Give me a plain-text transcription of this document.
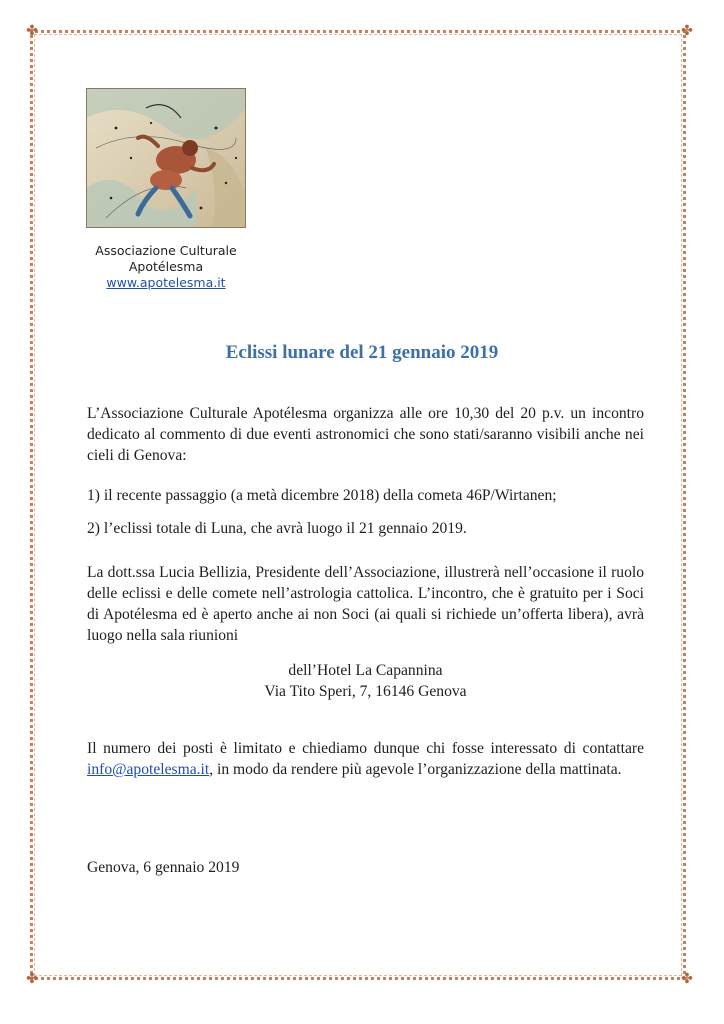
✤	✤
✤	✤
Associazione Culturale
Apotélesma
www.apotelesma.it
Eclissi lunare del 21 gennaio 2019
L’Associazione Culturale Apotélesma organizza alle ore 10,30 del 20 p.v. un incontro dedicato al commento di due eventi astronomici che sono stati/saranno visibili anche nei cieli di Genova:
1) il recente passaggio (a metà dicembre 2018) della cometa 46P/Wirtanen;
2) l’eclissi totale di Luna, che avrà luogo il 21 gennaio 2019.
La dott.ssa Lucia Bellizia, Presidente dell’Associazione, illustrerà nell’occasione il ruolo delle eclissi e delle comete nell’astrologia cattolica. L’incontro, che è gratuito per i Soci di Apotélesma ed è aperto anche ai non Soci (ai quali si richiede un’offerta libera), avrà luogo nella sala riunioni
dell’Hotel La Capannina
Via Tito Speri, 7, 16146 Genova
Il numero dei posti è limitato e chiediamo dunque chi fosse interessato di contattare info@apotelesma.it, in modo da rendere più agevole l’organizzazione della mattinata.
Genova, 6 gennaio 2019
